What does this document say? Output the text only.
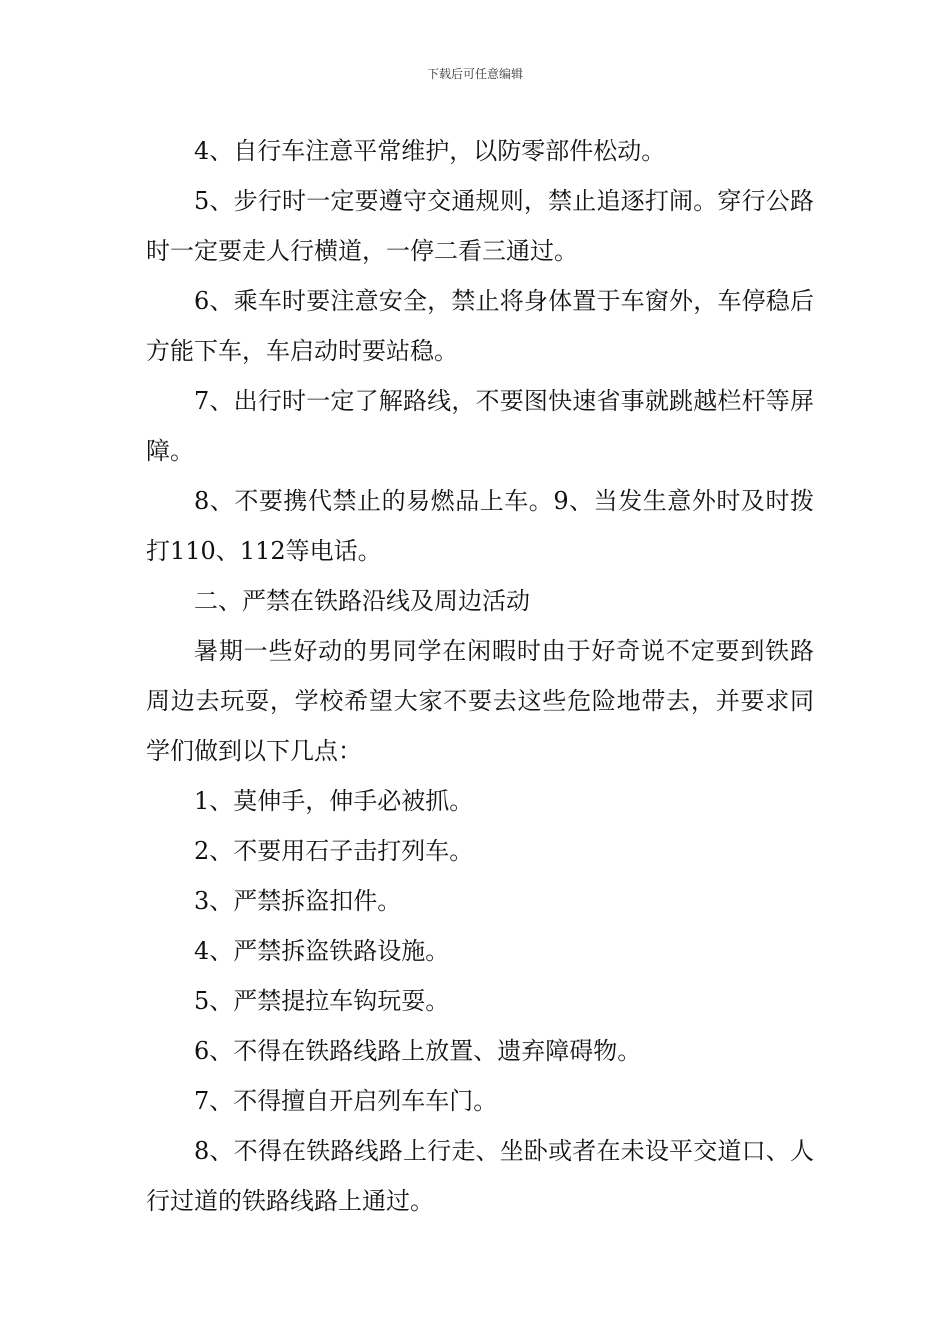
下载后可任意编辑

4、自行车注意平常维护，以防零部件松动。

5、步行时一定要遵守交通规则，禁止追逐打闹。穿行公路时一定要走人行横道，一停二看三通过。

6、乘车时要注意安全，禁止将身体置于车窗外，车停稳后方能下车，车启动时要站稳。

7、出行时一定了解路线，不要图快速省事就跳越栏杆等屏障。

8、不要携代禁止的易燃品上车。9、当发生意外时及时拨打110、112等电话。

二、严禁在铁路沿线及周边活动

暑期一些好动的男同学在闲暇时由于好奇说不定要到铁路周边去玩耍，学校希望大家不要去这些危险地带去，并要求同学们做到以下几点：

1、莫伸手，伸手必被抓。

2、不要用石子击打列车。

3、严禁拆盗扣件。

4、严禁拆盗铁路设施。

5、严禁提拉车钩玩耍。

6、不得在铁路线路上放置、遗弃障碍物。

7、不得擅自开启列车车门。

8、不得在铁路线路上行走、坐卧或者在未设平交道口、人行过道的铁路线路上通过。
